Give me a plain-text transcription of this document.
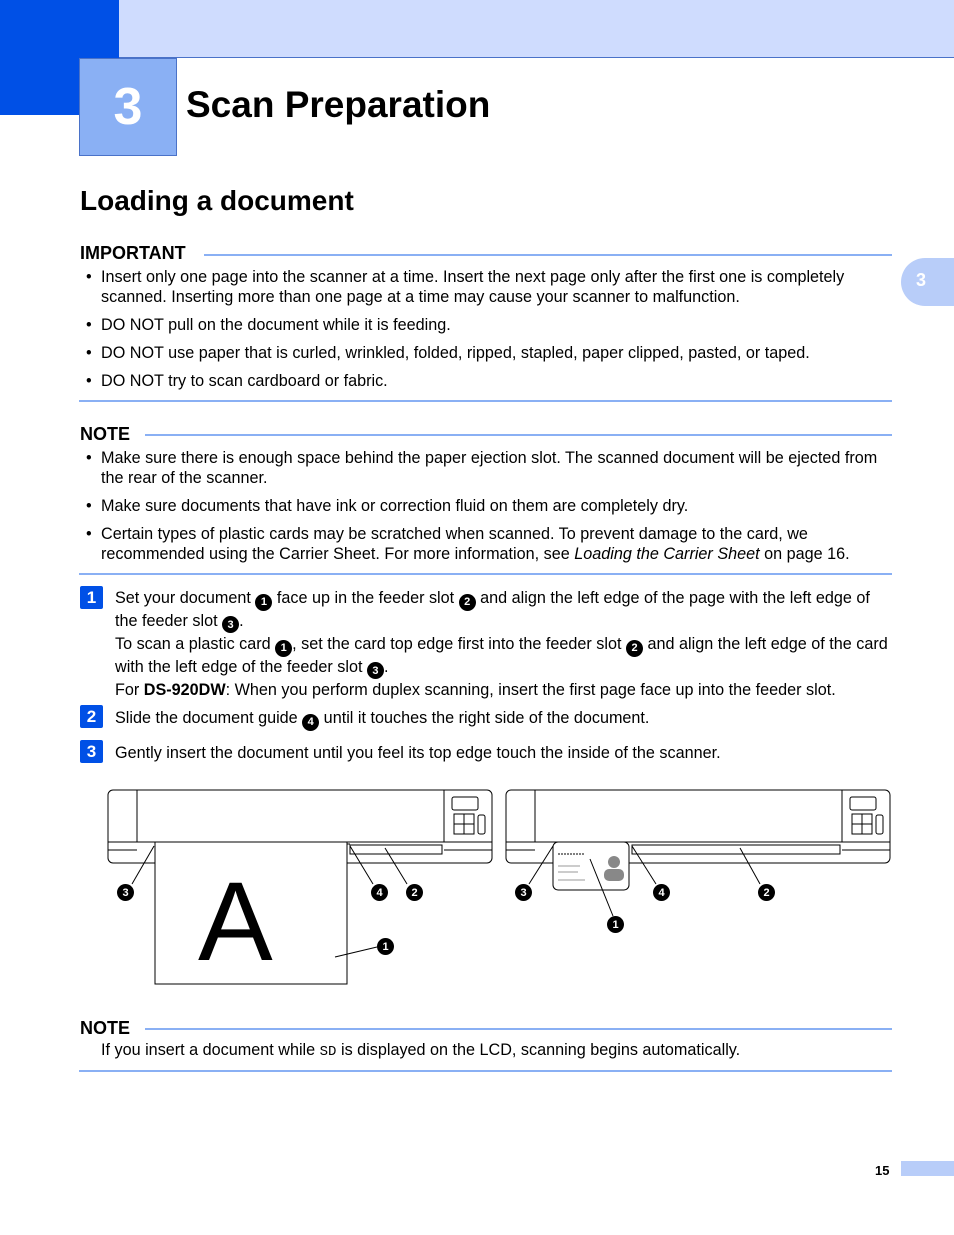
3 Scan Preparation
3
Loading a document
IMPORTANT
• Insert only one page into the scanner at a time. Insert the next page only after the first one is completely scanned. Inserting more than one page at a time may cause your scanner to malfunction.
• DO NOT pull on the document while it is feeding.
• DO NOT use paper that is curled, wrinkled, folded, ripped, stapled, paper clipped, pasted, or taped.
• DO NOT try to scan cardboard or fabric.
NOTE
• Make sure there is enough space behind the paper ejection slot. The scanned document will be ejected from the rear of the scanner.
• Make sure documents that have ink or correction fluid on them are completely dry.
• Certain types of plastic cards may be scratched when scanned. To prevent damage to the card, we recommended using the Carrier Sheet. For more information, see Loading the Carrier Sheet on page 16.
1	Set your document 1 face up in the feeder slot 2 and align the left edge of the page with the left edge of the feeder slot 3 .
To scan a plastic card 1 , set the card top edge first into the feeder slot 2 and align the left edge of the card with the left edge of the feeder slot 3 .
For DS-920DW: When you perform duplex scanning, insert the first page face up into the feeder slot.
2	Slide the document guide 4 until it touches the right side of the document.
3	Gently insert the document until you feel its top edge touch the inside of the scanner.
A
3	4	2
1
3	4	2
1
NOTE
If you insert a document while SD is displayed on the LCD, scanning begins automatically.
15
